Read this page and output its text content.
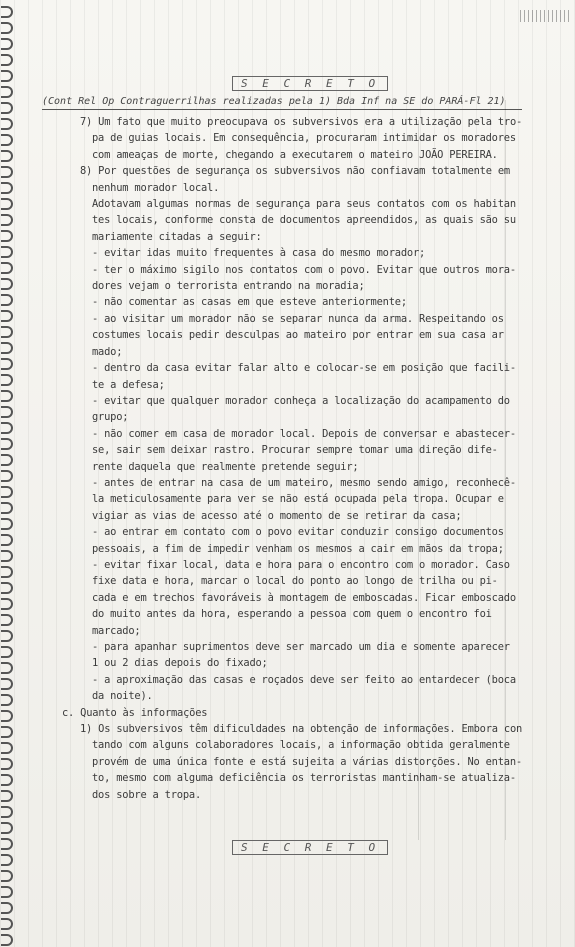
S E C R E T O
(Cont Rel Op Contraguerrilhas realizadas pela 1) Bda Inf na SE do PARÁ-Fl 21)

7) Um fato que muito preocupava os subversivos era a utilização pela tro-

pa de guias locais. Em consequência, procuraram intimidar os moradores

com ameaças de morte, chegando a executarem o mateiro JOÃO PEREIRA.

8) Por questões de segurança os subversivos não confiavam totalmente em

nenhum morador local.

Adotavam algumas normas de segurança para seus contatos com os habitan

tes locais, conforme consta de documentos apreendidos, as quais são su

mariamente citadas a seguir:

- evitar idas muito frequentes à casa do mesmo morador;

- ter o máximo sigilo nos contatos com o povo. Evitar que outros mora-

dores vejam o terrorista entrando na moradia;

- não comentar as casas em que esteve anteriormente;

- ao visitar um morador não se separar nunca da arma. Respeitando os

costumes locais pedir desculpas ao mateiro por entrar em sua casa ar

mado;

- dentro da casa evitar falar alto e colocar-se em posição que facili-

te a defesa;

- evitar que qualquer morador conheça a localização do acampamento do

grupo;

- não comer em casa de morador local. Depois de conversar e abastecer-

se, sair sem deixar rastro. Procurar sempre tomar uma direção dife-

rente daquela que realmente pretende seguir;

- antes de entrar na casa de um mateiro, mesmo sendo amigo, reconhecê-

la meticulosamente para ver se não está ocupada pela tropa. Ocupar e

vigiar as vias de acesso até o momento de se retirar da casa;

- ao entrar em contato com o povo evitar conduzir consigo documentos

pessoais, a fim de impedir venham os mesmos a cair em mãos da tropa;

- evitar fixar local, data e hora para o encontro com o morador. Caso

fixe data e hora, marcar o local do ponto ao longo de trilha ou pi-

cada e em trechos favoráveis à montagem de emboscadas. Ficar emboscado

do muito antes da hora, esperando a pessoa com quem o encontro foi

marcado;

- para apanhar suprimentos deve ser marcado um dia e somente aparecer

1 ou 2 dias depois do fixado;

- a aproximação das casas e roçados deve ser feito ao entardecer (boca

da noite).

c. Quanto às informações

1) Os subversivos têm dificuldades na obtenção de informações. Embora con

tando com alguns colaboradores locais, a informação obtida geralmente

provém de uma única fonte e está sujeita a várias distorções. No entan-

to, mesmo com alguma deficiência os terroristas mantinham-se atualiza-

dos sobre a tropa.

S E C R E T O
